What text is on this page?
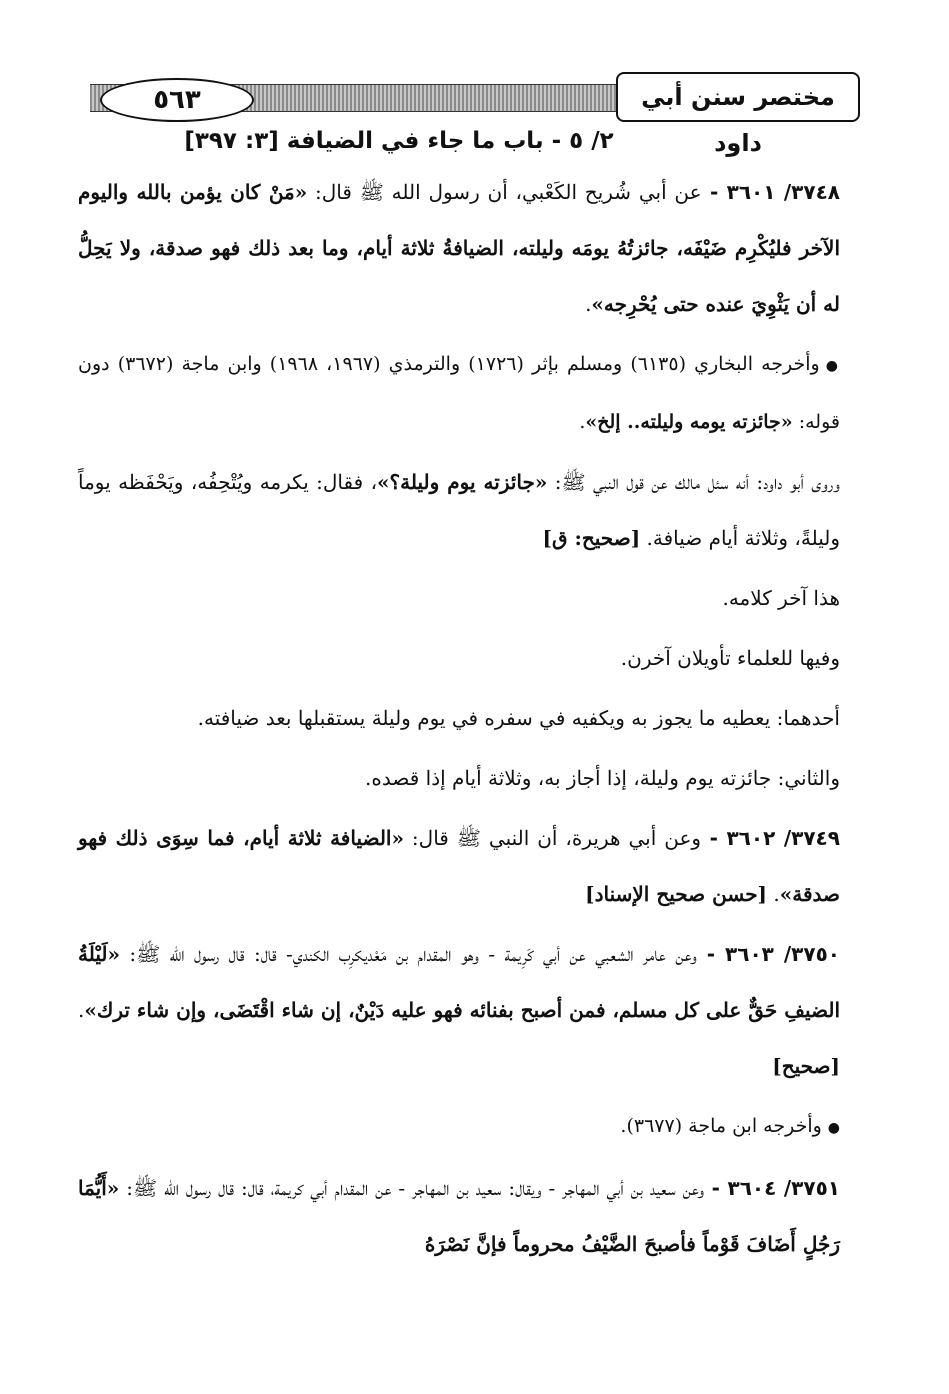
٥٦٣	مختصر سنن أبي داود
٢/ ٥ - باب ما جاء في الضيافة [٣: ٣٩٧]

٣٧٤٨/ ٣٦٠١ - عن أبي شُريح الكَعْبي، أن رسول الله ﷺ قال: «مَنْ كان يؤمن بالله واليوم الآخر فليُكْرِم ضَيْفَه، جائزتُهُ يومَه وليلته، الضيافةُ ثلاثة أيام، وما بعد ذلك فهو صدقة، ولا يَحِلُّ له أن يَثْوِيَ عنده حتى يُحْرِجه».

●وأخرجه البخاري (٦١٣٥) ومسلم بإثر (١٧٢٦) والترمذي (١٩٦٧، ١٩٦٨) وابن ماجة (٣٦٧٢) دون قوله: «جائزته يومه وليلته.. إلخ».

وروى أبو داود: أنه سئل مالك عن قول النبي ﷺ: «جائزته يوم وليلة؟»، فقال: يكرمه ويُتْحِفُه، ويَحْفَظه يوماً وليلةً، وثلاثة أيام ضيافة. [صحيح: ق]

هذا آخر كلامه.

وفيها للعلماء تأويلان آخرن.

أحدهما: يعطيه ما يجوز به ويكفيه في سفره في يوم وليلة يستقبلها بعد ضيافته.

والثاني: جائزته يوم وليلة، إذا أجاز به، وثلاثة أيام إذا قصده.

٣٧٤٩/ ٣٦٠٢ - وعن أبي هريرة، أن النبي ﷺ قال: «الضيافة ثلاثة أيام، فما سِوَى ذلك فهو صدقة». [حسن صحيح الإسناد]

٣٧٥٠/ ٣٦٠٣ - وعن عامر الشعبي عن أبي كَرِيمة - وهو المقدام بن مَعْديكرِب الكندي- قال: قال رسول الله ﷺ: «لَيْلَةُ الضيفِ حَقٌّ على كل مسلم، فمن أصبح بفنائه فهو عليه دَيْنٌ، إن شاء اقْتَضَى، وإن شاء ترك». [صحيح]

●وأخرجه ابن ماجة (٣٦٧٧).

٣٧٥١/ ٣٦٠٤ - وعن سعيد بن أبي المهاجر - ويقال: سعيد بن المهاجر - عن المقدام أبي كريمة، قال: قال رسول الله ﷺ: «أَيُّمَا رَجُلٍ أَضَافَ قَوْماً فأصبحَ الضَّيْفُ محروماً فإنَّ نَصْرَهُ
